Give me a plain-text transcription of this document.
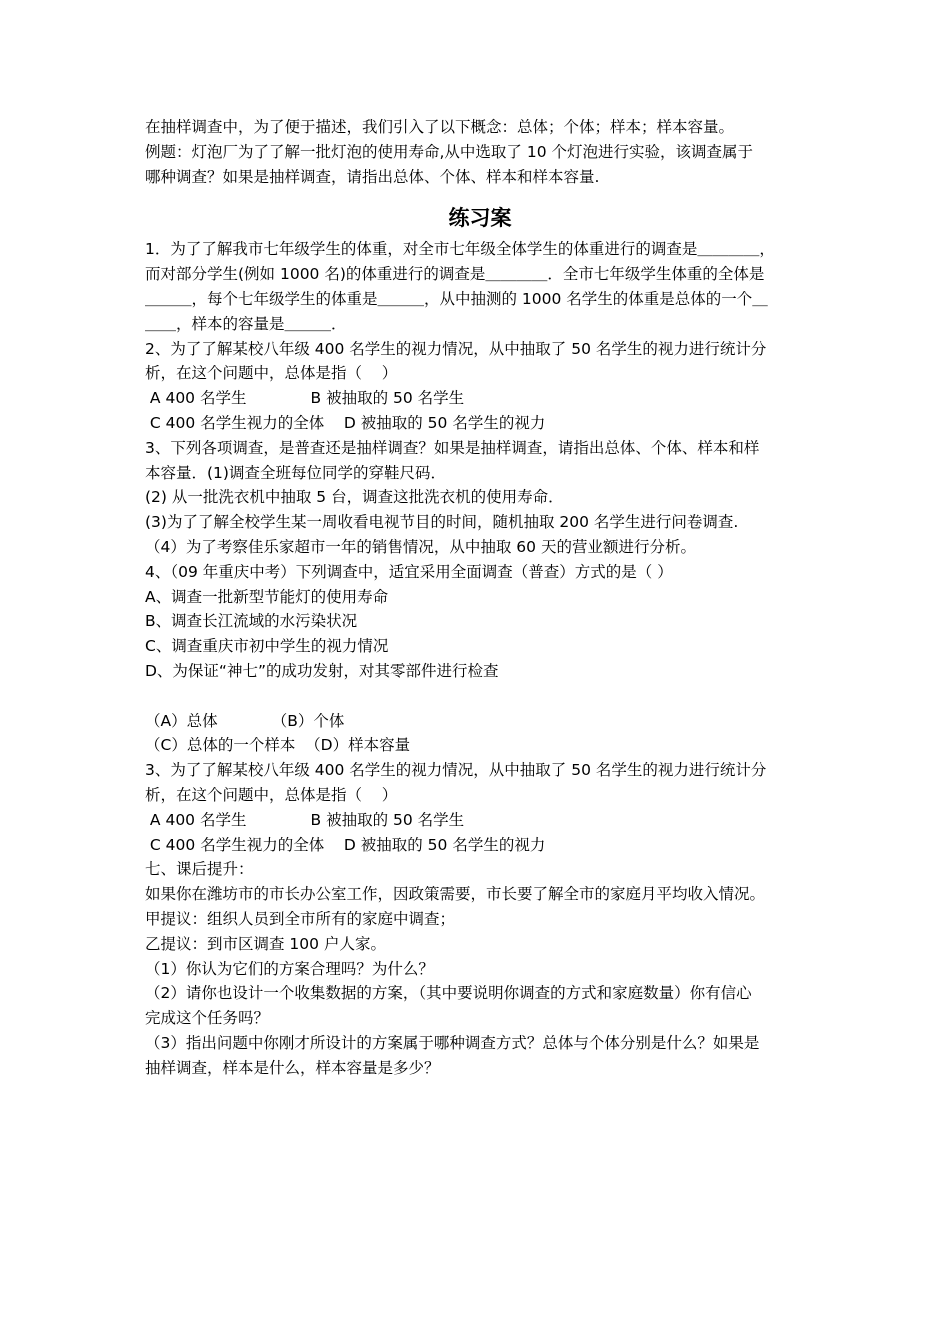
在抽样调查中，为了便于描述，我们引入了以下概念：总体；个体；样本；样本容量。
例题：灯泡厂为了了解一批灯泡的使用寿命,从中选取了 10 个灯泡进行实验，该调查属于
哪种调查？如果是抽样调查，请指出总体、个体、样本和样本容量.
练习案
1．为了了解我市七年级学生的体重，对全市七年级全体学生的体重进行的调查是＿＿＿＿，
而对部分学生(例如 1000 名)的体重进行的调查是＿＿＿＿．全市七年级学生体重的全体是
＿＿＿，每个七年级学生的体重是＿＿＿，从中抽测的 1000 名学生的体重是总体的一个＿
＿＿，样本的容量是＿＿＿．
2、为了了解某校八年级 400 名学生的视力情况，从中抽取了 50 名学生的视力进行统计分
析，在这个问题中，总体是指（    ）
A 400 名学生             B 被抽取的 50 名学生
C 400 名学生视力的全体    D 被抽取的 50 名学生的视力
3、下列各项调查，是普查还是抽样调查？如果是抽样调查，请指出总体、个体、样本和样
本容量．(1)调查全班每位同学的穿鞋尺码．
(2) 从一批洗衣机中抽取 5 台，调查这批洗衣机的使用寿命．
(3)为了了解全校学生某一周收看电视节目的时间，随机抽取 200 名学生进行问卷调查.
（4）为了考察佳乐家超市一年的销售情况，从中抽取 60 天的营业额进行分析。
4、（09 年重庆中考）下列调查中，适宜采用全面调查（普查）方式的是（ ）
A、调查一批新型节能灯的使用寿命
B、调查长江流域的水污染状况
C、调查重庆市初中学生的视力情况
D、为保证“神七”的成功发射，对其零部件进行检查
（A）总体           （B）个体
（C）总体的一个样本  （D）样本容量
3、为了了解某校八年级 400 名学生的视力情况，从中抽取了 50 名学生的视力进行统计分
析，在这个问题中，总体是指（    ）
A 400 名学生             B 被抽取的 50 名学生
C 400 名学生视力的全体    D 被抽取的 50 名学生的视力
七、课后提升：
如果你在潍坊市的市长办公室工作，因政策需要，市长要了解全市的家庭月平均收入情况。
甲提议：组织人员到全市所有的家庭中调查；
乙提议：到市区调查 100 户人家。
（1）你认为它们的方案合理吗？为什么？
（2）请你也设计一个收集数据的方案，（其中要说明你调查的方式和家庭数量）你有信心
完成这个任务吗？
（3）指出问题中你刚才所设计的方案属于哪种调查方式？总体与个体分别是什么？如果是
抽样调查，样本是什么，样本容量是多少？
